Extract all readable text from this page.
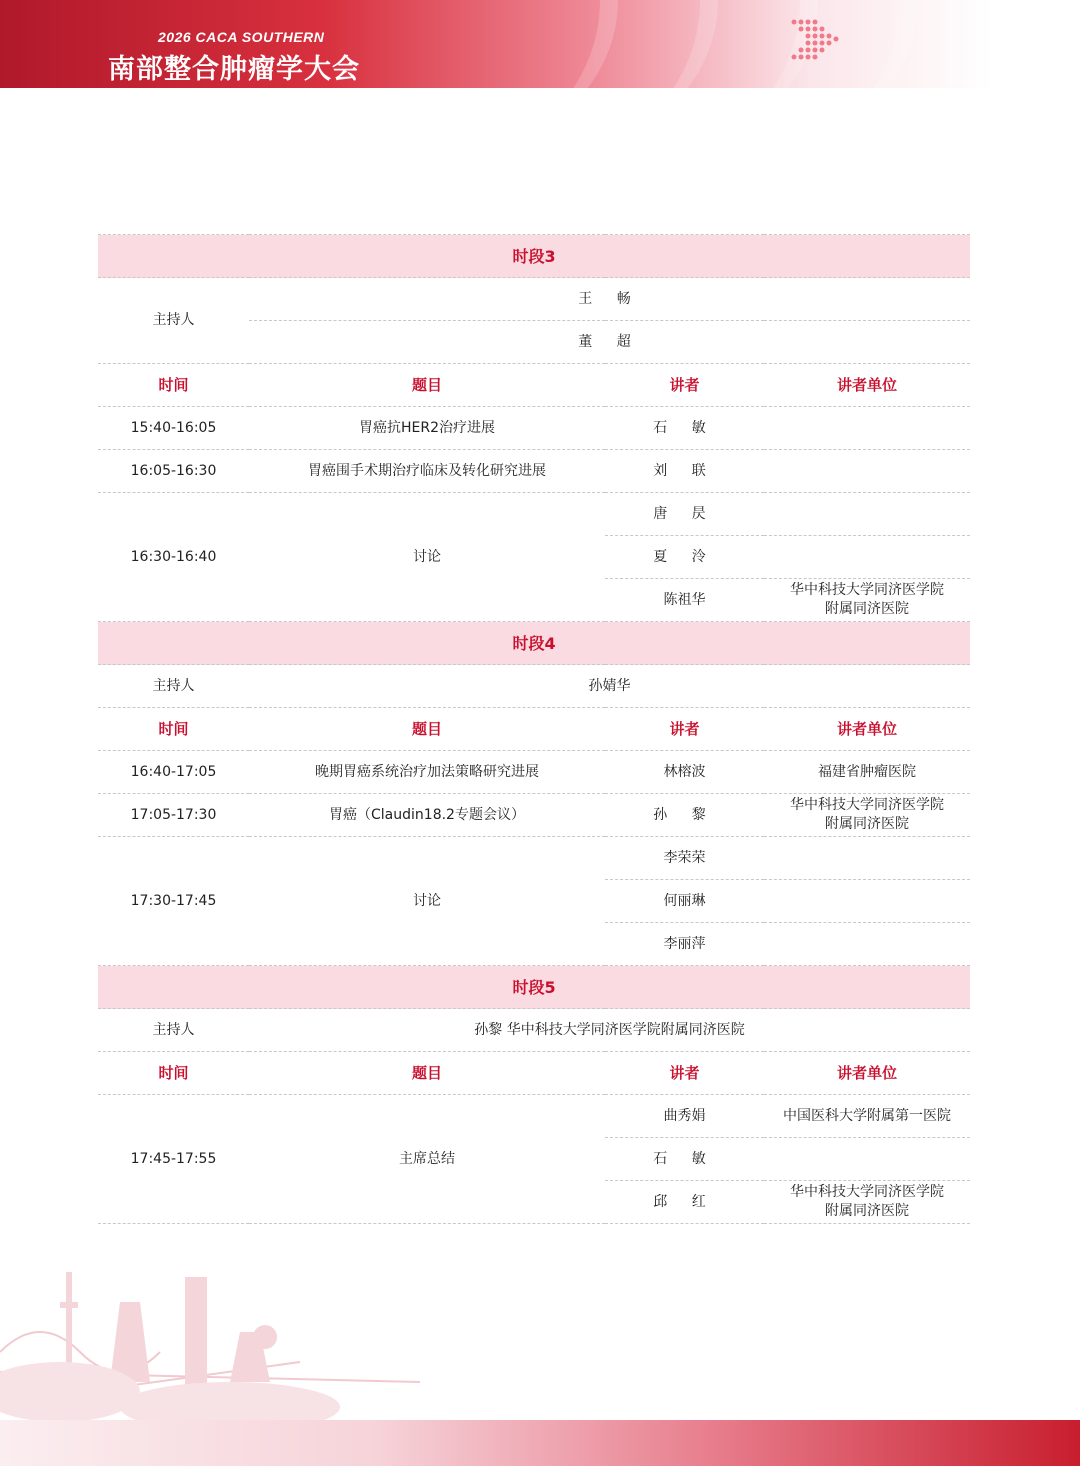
2026 CACA SOUTHERN
南部整合肿瘤学大会
时段3			
主持人	王 畅		
	董 超		
时间	题目	讲者	讲者单位
15:40-16:05	胃癌抗HER2治疗进展	石 敏	
16:05-16:30	胃癌围手术期治疗临床及转化研究进展	刘 联	
16:30-16:40	讨论	唐 昃	
		夏 泠	
		陈祖华	华中科技大学同济医学院
附属同济医院

时段4			
主持人	孙婧华		
时间	题目	讲者	讲者单位
16:40-17:05	晚期胃癌系统治疗加法策略研究进展	林榕波	福建省肿瘤医院
17:05-17:30	胃癌（Claudin18.2专题会议）	孙 黎	华中科技大学同济医学院
附属同济医院

17:30-17:45	讨论	李荣荣	
		何丽琳	
		李丽萍	
时段5			
主持人	孙黎 华中科技大学同济医学院附属同济医院		
时间	题目	讲者	讲者单位
17:45-17:55	主席总结	曲秀娟	中国医科大学附属第一医院
		石 敏	
		邱 红	华中科技大学同济医学院
附属同济医院
